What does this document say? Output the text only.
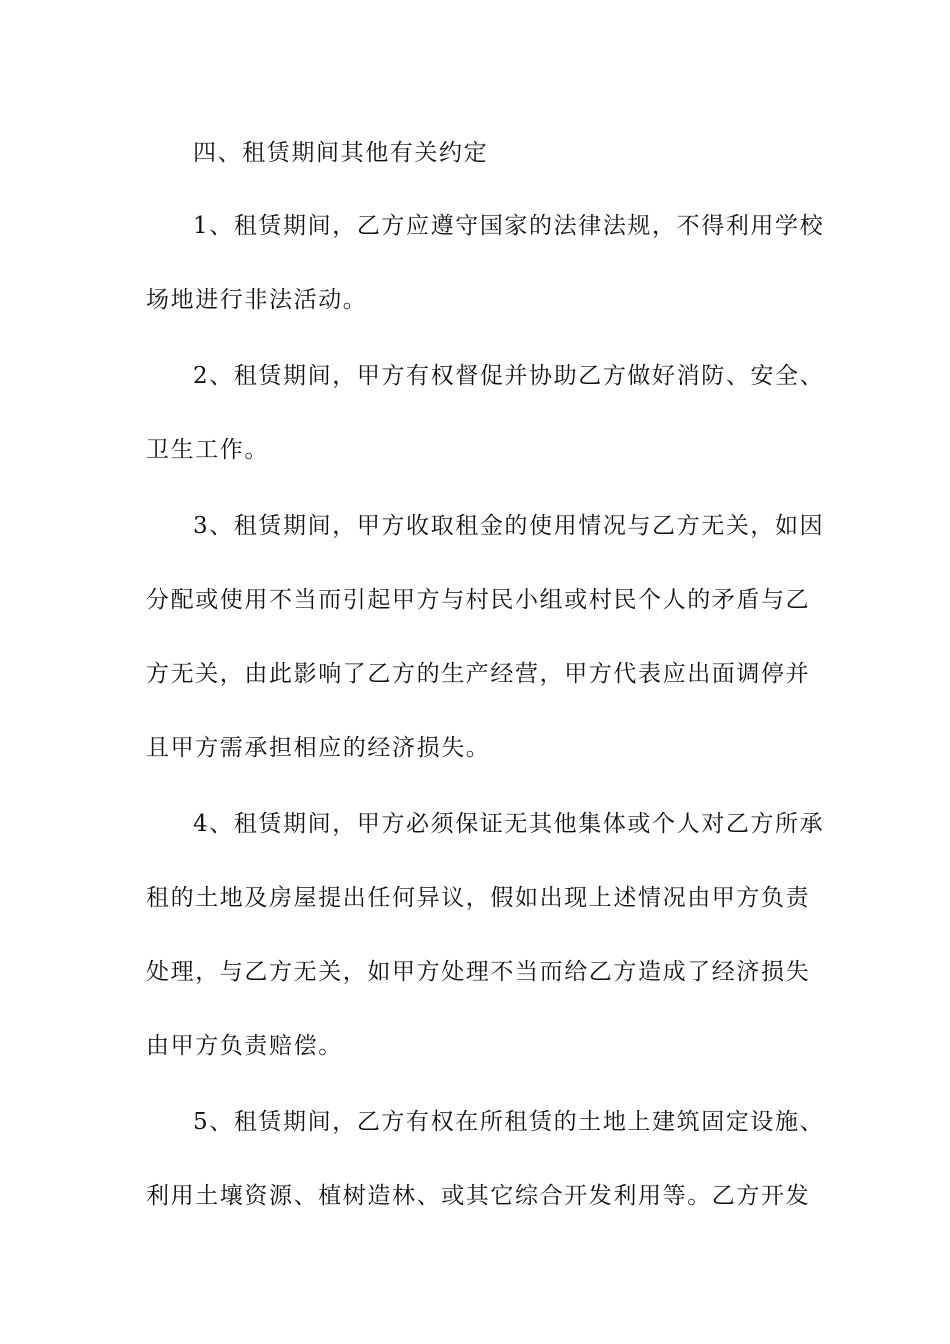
四、租赁期间其他有关约定

1、租赁期间，乙方应遵守国家的法律法规，不得利用学校

场地进行非法活动。

2、租赁期间，甲方有权督促并协助乙方做好消防、安全、

卫生工作。

3、租赁期间，甲方收取租金的使用情况与乙方无关，如因

分配或使用不当而引起甲方与村民小组或村民个人的矛盾与乙

方无关，由此影响了乙方的生产经营，甲方代表应出面调停并

且甲方需承担相应的经济损失。

4、租赁期间，甲方必须保证无其他集体或个人对乙方所承

租的土地及房屋提出任何异议，假如出现上述情况由甲方负责

处理，与乙方无关，如甲方处理不当而给乙方造成了经济损失

由甲方负责赔偿。

5、租赁期间，乙方有权在所租赁的土地上建筑固定设施、

利用土壤资源、植树造林、或其它综合开发利用等。乙方开发
